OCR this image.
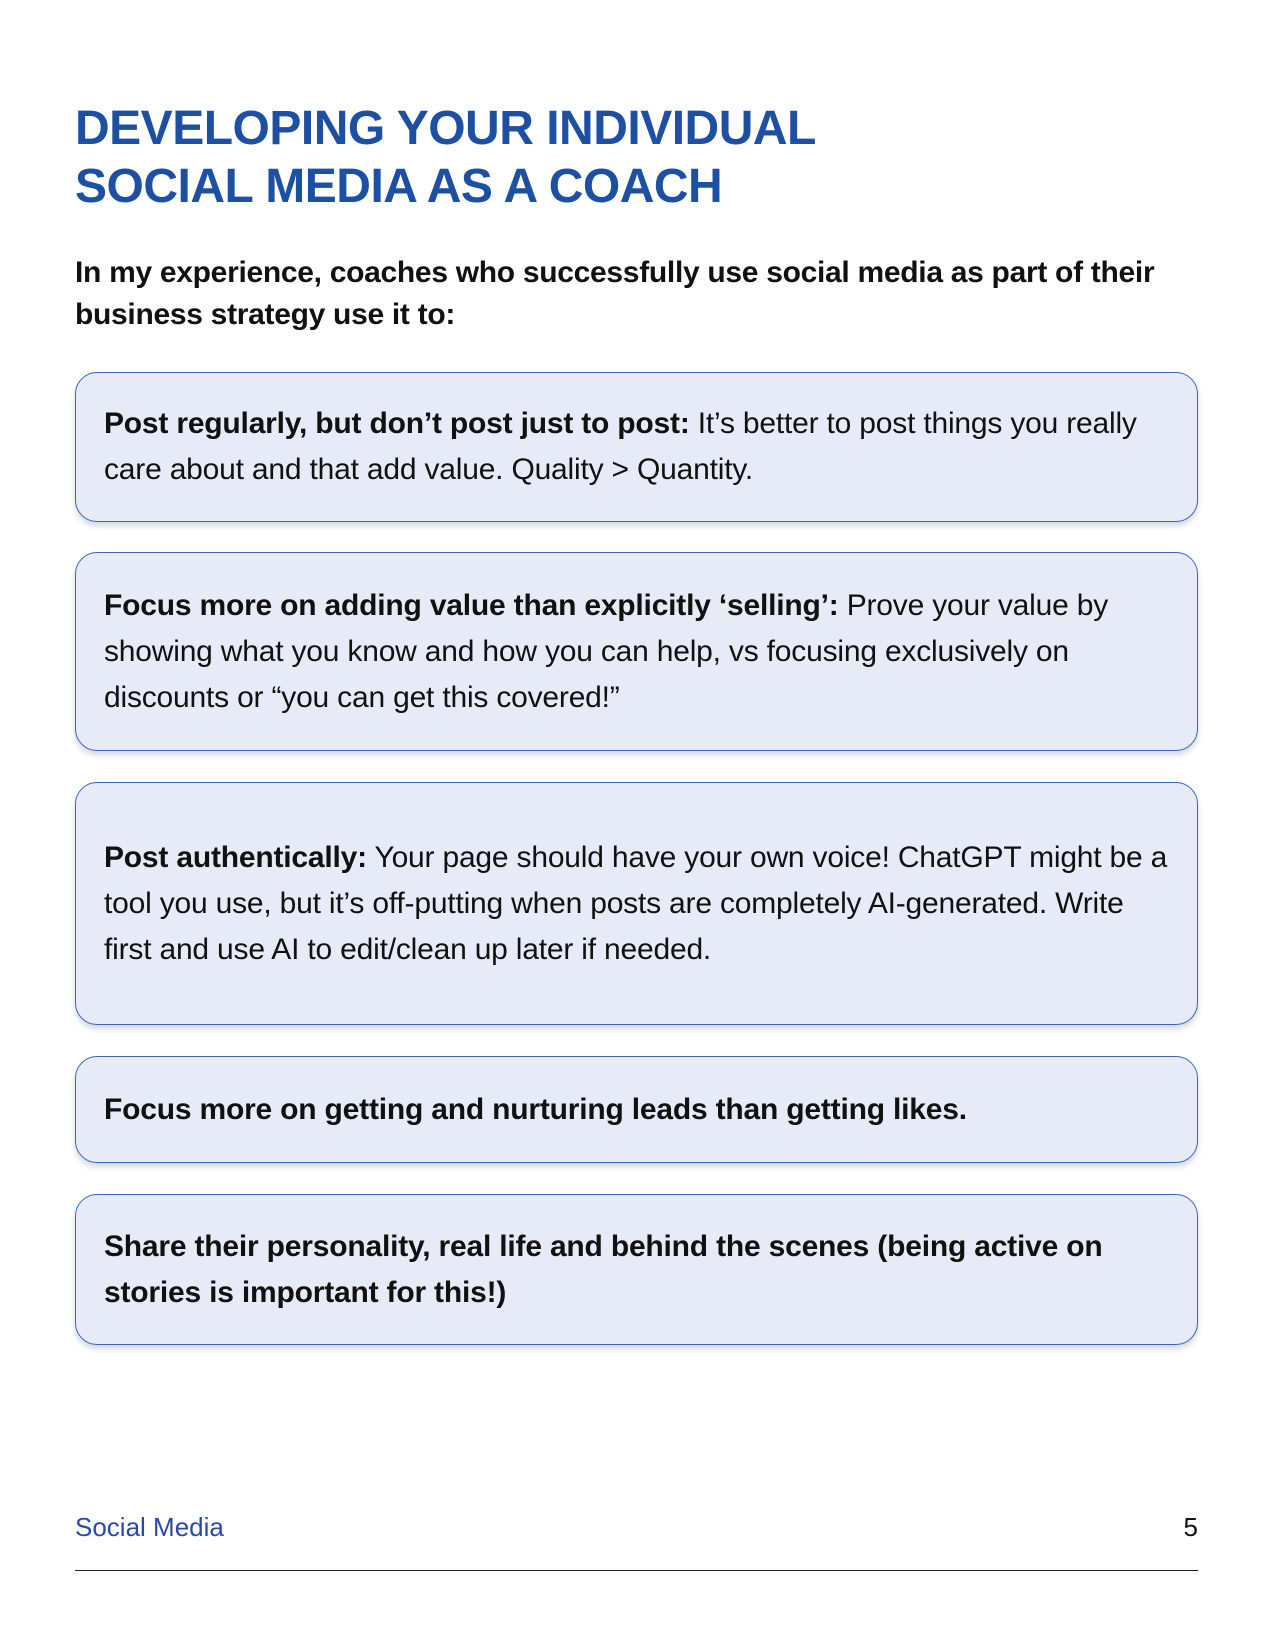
DEVELOPING YOUR INDIVIDUAL
SOCIAL MEDIA AS A COACH

In my experience, coaches who successfully use social media as part of their business strategy use it to:

Post regularly, but don’t post just to post: It’s better to post things you really care about and that add value. Quality > Quantity.

Focus more on adding value than explicitly ‘selling’: Prove your value by showing what you know and how you can help, vs focusing exclusively on discounts or “you can get this covered!”

Post authentically: Your page should have your own voice! ChatGPT might be a tool you use, but it’s off-putting when posts are completely AI-generated. Write first and use AI to edit/clean up later if needed.

Focus more on getting and nurturing leads than getting likes.

Share their personality, real life and behind the scenes (being active on stories is important for this!)

Social Media	5
